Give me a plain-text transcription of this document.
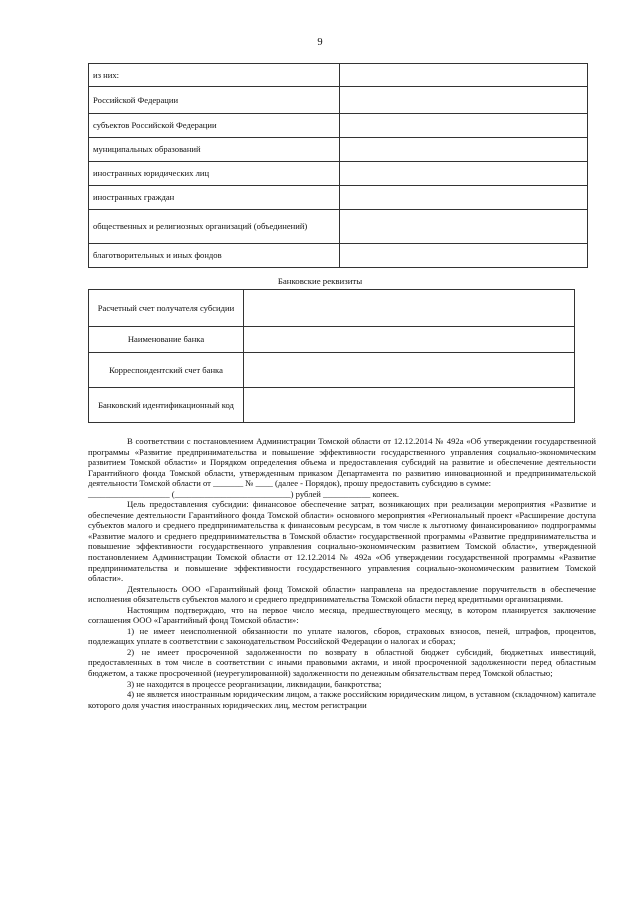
9
из них:	
Российской Федерации	
субъектов Российской Федерации	
муниципальных образований	
иностранных юридических лиц	
иностранных граждан	
общественных и религиозных организаций (объединений)	
благотворительных и иных фондов	
Банковские реквизиты
Расчетный счет получателя субсидии	
Наименование банка	
Корреспондентский счет банка	
Банковский идентификационный код	

В соответствии с постановлением Администрации Томской области от 12.12.2014 № 492а «Об утверждении государственной программы «Развитие предпринимательства и повышение эффективности государственного управления социально-экономическим развитием Томской области» и Порядком определения объема и предоставления субсидий на развитие и обеспечение деятельности Гарантийного фонда Томской области, утвержденным приказом Департамента по развитию инновационной и предпринимательской деятельности Томской области от _______ № ____ (далее - Порядок), прошу предоставить субсидию в сумме:

___________________ (___________________________) рублей ___________ копеек.

Цель предоставления субсидии: финансовое обеспечение затрат, возникающих при реализации мероприятия «Развитие и обеспечение деятельности Гарантийного фонда Томской области» основного мероприятия «Региональный проект «Расширение доступа субъектов малого и среднего предпринимательства к финансовым ресурсам, в том числе к льготному финансированию» подпрограммы «Развитие малого и среднего предпринимательства в Томской области» государственной программы «Развитие предпринимательства и повышение эффективности государственного управления социально-экономическим развитием Томской области», утвержденной постановлением Администрации Томской области от 12.12.2014 № 492а «Об утверждении государственной программы «Развитие предпринимательства и повышение эффективности государственного управления социально-экономическим развитием Томской области».

Деятельность ООО «Гарантийный фонд Томской области» направлена на предоставление поручительств в обеспечение исполнения обязательств субъектов малого и среднего предпринимательства Томской области перед кредитными организациями.

Настоящим подтверждаю, что на первое число месяца, предшествующего месяцу, в котором планируется заключение соглашения ООО «Гарантийный фонд Томской области»:

1) не имеет неисполненной обязанности по уплате налогов, сборов, страховых взносов, пеней, штрафов, процентов, подлежащих уплате в соответствии с законодательством Российской Федерации о налогах и сборах;

2) не имеет просроченной задолженности по возврату в областной бюджет субсидий, бюджетных инвестиций, предоставленных в том числе в соответствии с иными правовыми актами, и иной просроченной задолженности перед областным бюджетом, а также просроченной (неурегулированной) задолженности по денежным обязательствам перед Томской областью;

3) не находится в процессе реорганизации, ликвидации, банкротства;

4) не является иностранным юридическим лицом, а также российским юридическим лицом, в уставном (складочном) капитале которого доля участия иностранных юридических лиц, местом регистрации
